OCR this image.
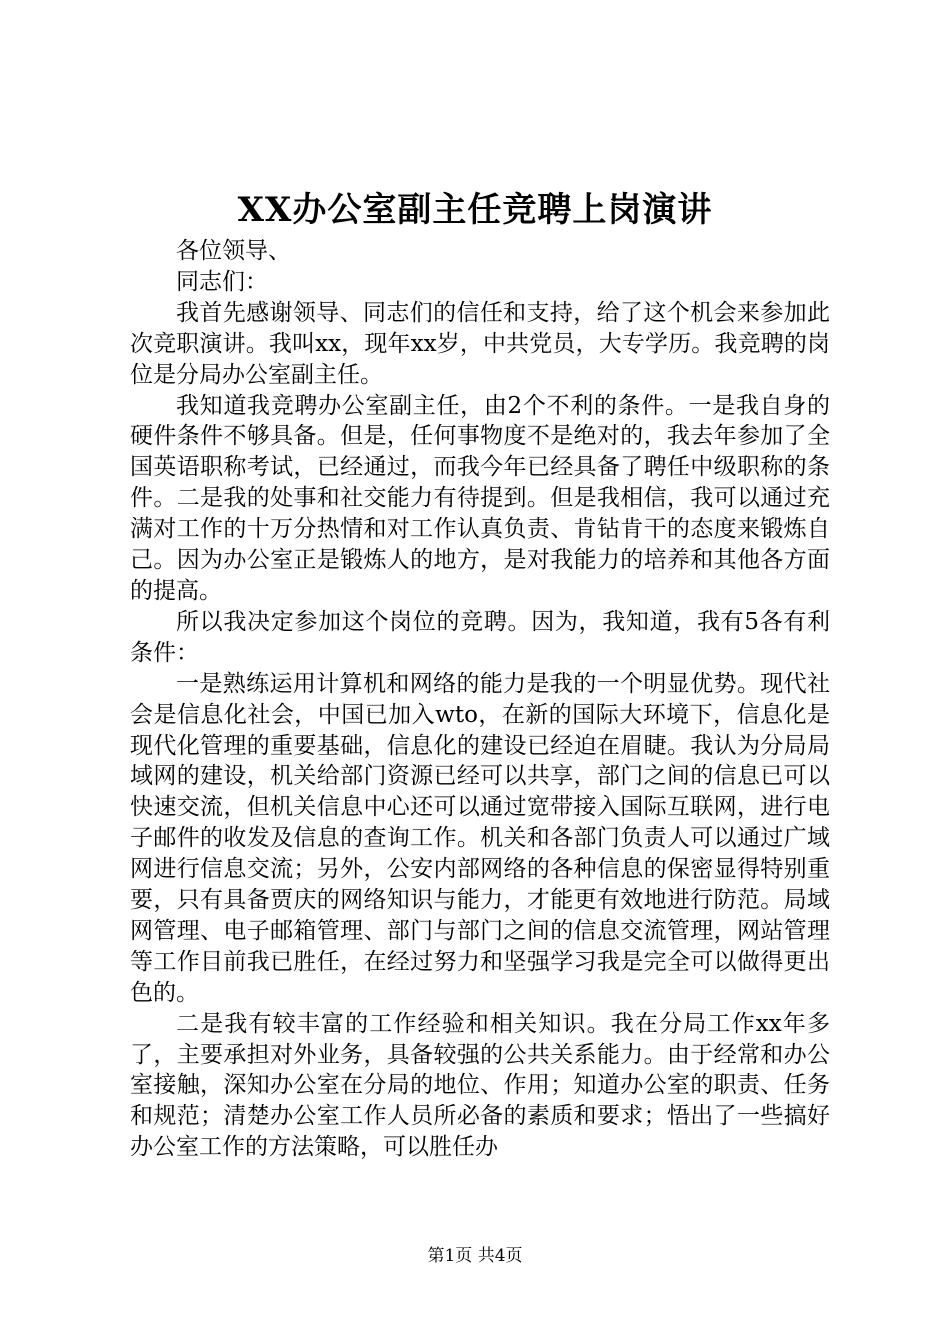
XX办公室副主任竞聘上岗演讲

各位领导、

同志们：

我首先感谢领导、同志们的信任和支持，给了这个机会来参加此次竞职演讲。我叫xx，现年xx岁，中共党员，大专学历。我竞聘的岗位是分局办公室副主任。

我知道我竞聘办公室副主任，由2个不利的条件。一是我自身的硬件条件不够具备。但是，任何事物度不是绝对的，我去年参加了全国英语职称考试，已经通过，而我今年已经具备了聘任中级职称的条件。二是我的处事和社交能力有待提到。但是我相信，我可以通过充满对工作的十万分热情和对工作认真负责、肯钻肯干的态度来锻炼自己。因为办公室正是锻炼人的地方，是对我能力的培养和其他各方面的提高。

所以我决定参加这个岗位的竞聘。因为，我知道，我有5各有利条件：

一是熟练运用计算机和网络的能力是我的一个明显优势。现代社会是信息化社会，中国已加入wto，在新的国际大环境下，信息化是现代化管理的重要基础，信息化的建设已经迫在眉睫。我认为分局局域网的建设，机关给部门资源已经可以共享，部门之间的信息已可以快速交流，但机关信息中心还可以通过宽带接入国际互联网，进行电子邮件的收发及信息的查询工作。机关和各部门负责人可以通过广域网进行信息交流；另外，公安内部网络的各种信息的保密显得特别重要，只有具备贾庆的网络知识与能力，才能更有效地进行防范。局域网管理、电子邮箱管理、部门与部门之间的信息交流管理，网站管理等工作目前我已胜任，在经过努力和坚强学习我是完全可以做得更出色的。

二是我有较丰富的工作经验和相关知识。我在分局工作xx年多了，主要承担对外业务，具备较强的公共关系能力。由于经常和办公室接触，深知办公室在分局的地位、作用；知道办公室的职责、任务和规范；清楚办公室工作人员所必备的素质和要求；悟出了一些搞好办公室工作的方法策略，可以胜任办

第1页 共4页
